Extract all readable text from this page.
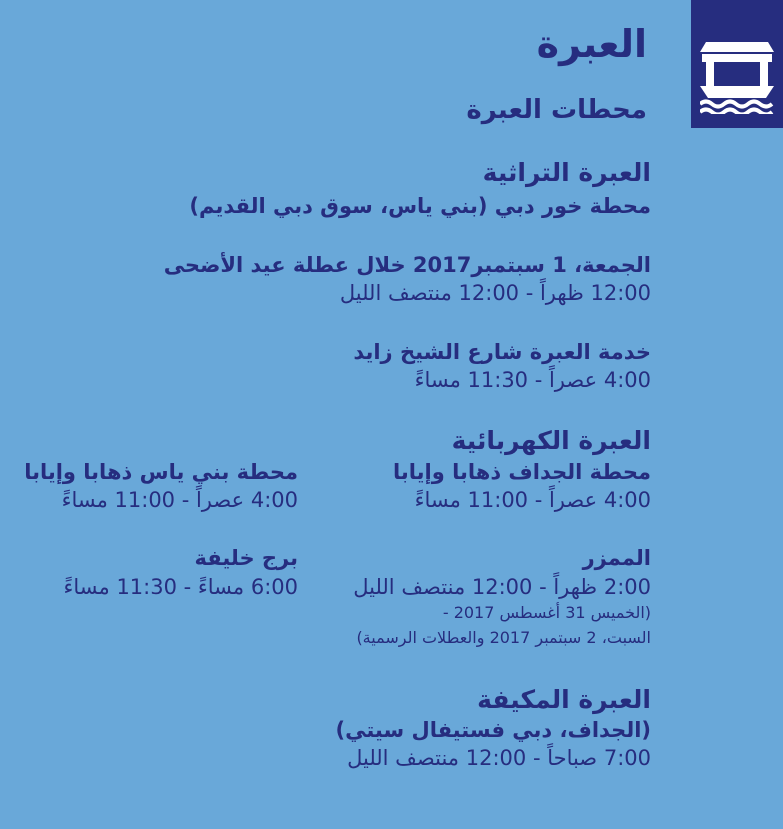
العبرة
محطات العبرة
العبرة التراثية
محطة خور دبي (بني ياس، سوق دبي القديم)
الجمعة، 1 سبتمبر2017 خلال عطلة عيد الأضحى
12:00 ظهراً - 12:00 منتصف الليل
خدمة العبرة شارع الشيخ زايد
4:00 عصراً - 11:30 مساءً
العبرة الكهربائية
محطة الجداف ذهابا وإيابا
4:00 عصراً - 11:00 مساءً
محطة بني ياس ذهابا وإيابا
4:00 عصراً - 11:00 مساءً
الممزر
2:00 ظهراً - 12:00 منتصف الليل
(الخميس 31 أغسطس 2017 -
السبت، 2 سبتمبر 2017 والعطلات الرسمية)
برج خليفة
6:00 مساءً - 11:30 مساءً
العبرة المكيفة
(الجداف، دبي فستيفال سيتي)
7:00 صباحاً - 12:00 منتصف الليل
